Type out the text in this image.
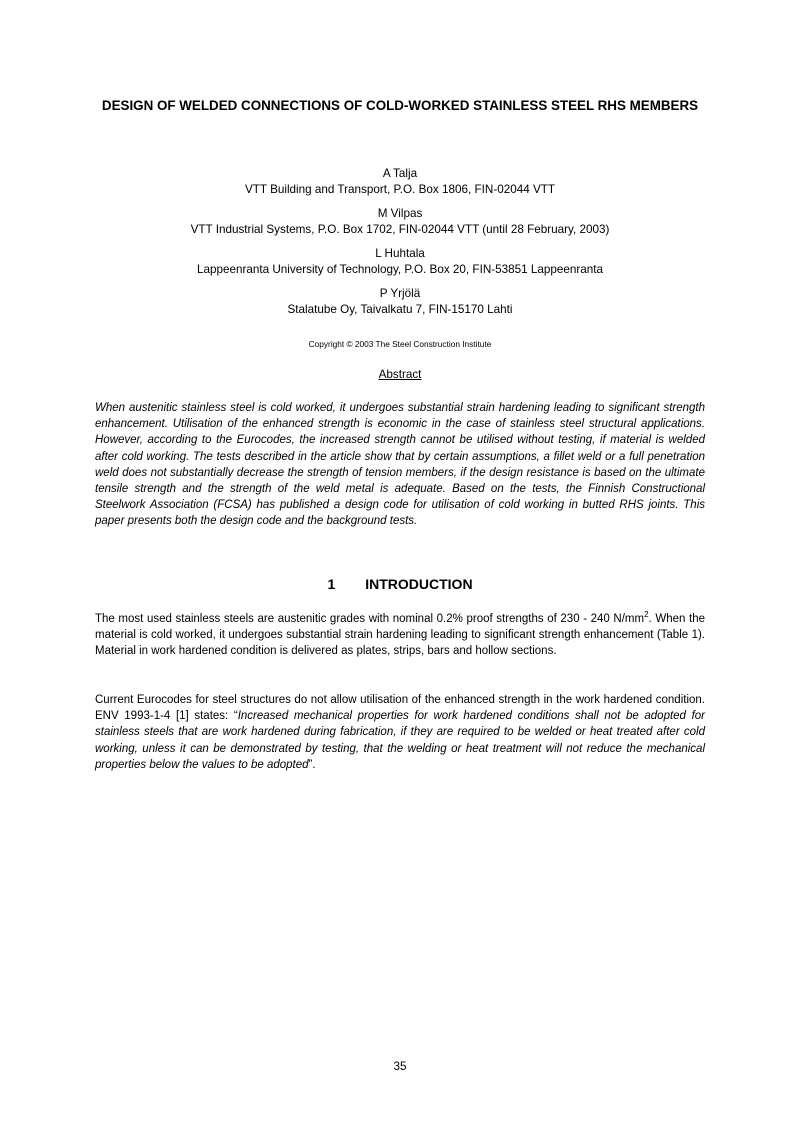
DESIGN OF WELDED CONNECTIONS OF COLD-WORKED STAINLESS STEEL RHS MEMBERS
A Talja
VTT Building and Transport, P.O. Box 1806, FIN-02044 VTT
M Vilpas
VTT Industrial Systems, P.O. Box 1702, FIN-02044 VTT (until 28 February, 2003)
L Huhtala
Lappeenranta University of Technology, P.O. Box 20, FIN-53851 Lappeenranta
P Yrjölä
Stalatube Oy, Taivalkatu 7, FIN-15170 Lahti
Copyright © 2003 The Steel Construction Institute
Abstract

When austenitic stainless steel is cold worked, it undergoes substantial strain hardening leading to significant strength enhancement. Utilisation of the enhanced strength is economic in the case of stainless steel structural applications. However, according to the Eurocodes, the increased strength cannot be utilised without testing, if material is welded after cold working. The tests described in the article show that by certain assumptions, a fillet weld or a full penetration weld does not substantially decrease the strength of tension members, if the design resistance is based on the ultimate tensile strength and the strength of the weld metal is adequate. Based on the tests, the Finnish Constructional Steelwork Association (FCSA) has published a design code for utilisation of cold working in butted RHS joints. This paper presents both the design code and the background tests.

1 INTRODUCTION

The most used stainless steels are austenitic grades with nominal 0.2% proof strengths of 230 - 240 $N/mm^2$. When the material is cold worked, it undergoes substantial strain hardening leading to significant strength enhancement (Table 1). Material in work hardened condition is delivered as plates, strips, bars and hollow sections.

Current Eurocodes for steel structures do not allow utilisation of the enhanced strength in the work hardened condition. ENV 1993-1-4 [1] states: “Increased mechanical properties for work hardened conditions shall not be adopted for stainless steels that are work hardened during fabrication, if they are required to be welded or heat treated after cold working, unless it can be demonstrated by testing, that the welding or heat treatment will not reduce the mechanical properties below the values to be adopted”.

35
